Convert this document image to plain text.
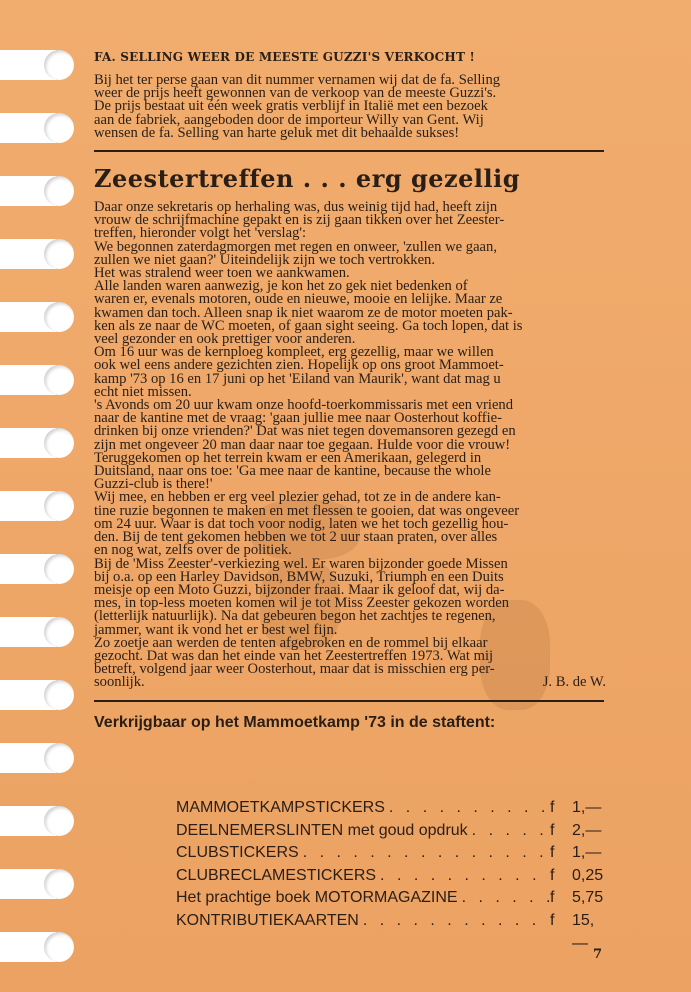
FA. SELLING WEER DE MEESTE GUZZI'S VERKOCHT !

Bij het ter perse gaan van dit nummer vernamen wij dat de fa. Selling
weer de prijs heeft gewonnen van de verkoop van de meeste Guzzi's.
De prijs bestaat uit één week gratis verblijf in Italië met een bezoek
aan de fabriek, aangeboden door de importeur Willy van Gent. Wij
wensen de fa. Selling van harte geluk met dit behaalde sukses!

Zeestertreffen . . . erg gezellig

Daar onze sekretaris op herhaling was, dus weinig tijd had, heeft zijn
vrouw de schrijfmachine gepakt en is zij gaan tikken over het Zeester-
treffen, hieronder volgt het 'verslag':
We begonnen zaterdagmorgen met regen en onweer, 'zullen we gaan,
zullen we niet gaan?' Uiteindelijk zijn we toch vertrokken.
Het was stralend weer toen we aankwamen.
Alle landen waren aanwezig, je kon het zo gek niet bedenken of
waren er, evenals motoren, oude en nieuwe, mooie en lelijke. Maar ze
kwamen dan toch. Alleen snap ik niet waarom ze de motor moeten pak-
ken als ze naar de WC moeten, of gaan sight seeing. Ga toch lopen, dat is
veel gezonder en ook prettiger voor anderen.
Om 16 uur was de kernploeg kompleet, erg gezellig, maar we willen
ook wel eens andere gezichten zien. Hopelijk op ons groot Mammoet-
kamp '73 op 16 en 17 juni op het 'Eiland van Maurik', want dat mag u
echt niet missen.
's Avonds om 20 uur kwam onze hoofd-toerkommissaris met een vriend
naar de kantine met de vraag: 'gaan jullie mee naar Oosterhout koffie-
drinken bij onze vrienden?' Dat was niet tegen dovemansoren gezegd en
zijn met ongeveer 20 man daar naar toe gegaan. Hulde voor die vrouw!
Teruggekomen op het terrein kwam er een Amerikaan, gelegerd in
Duitsland, naar ons toe: 'Ga mee naar de kantine, because the whole
Guzzi-club is there!'
Wij mee, en hebben er erg veel plezier gehad, tot ze in de andere kan-
tine ruzie begonnen te maken en met flessen te gooien, dat was ongeveer
om 24 uur. Waar is dat toch voor nodig, laten we het toch gezellig hou-
den. Bij de tent gekomen hebben we tot 2 uur staan praten, over alles
en nog wat, zelfs over de politiek.
Bij de 'Miss Zeester'-verkiezing wel. Er waren bijzonder goede Missen
bij o.a. op een Harley Davidson, BMW, Suzuki, Triumph en een Duits
meisje op een Moto Guzzi, bijzonder fraai. Maar ik geloof dat, wij da-
mes, in top-less moeten komen wil je tot Miss Zeester gekozen worden
(letterlijk natuurlijk). Na dat gebeuren begon het zachtjes te regenen,
jammer, want ik vond het er best wel fijn.
Zo zoetje aan werden de tenten afgebroken en de rommel bij elkaar
gezocht. Dat was dan het einde van het Zeestertreffen 1973. Wat mij
betreft, volgend jaar weer Oosterhout, maar dat is misschien erg per-

soonlijk.	J. B. de W.

Verkrijgbaar op het Mammoetkamp '73 in de staftent:
MAMMOETKAMPSTICKERS . . .	f	1,—
DEELNEMERSLINTEN met goud opdruk . . .	f	2,—
CLUBSTICKERS . . .	f	1,—
CLUBRECLAMESTICKERS . . .	f	0,25
Het prachtige boek MOTORMAGAZINE . . .	f	5,75
KONTRIBUTIEKAARTEN . . .	f	15,—
7
